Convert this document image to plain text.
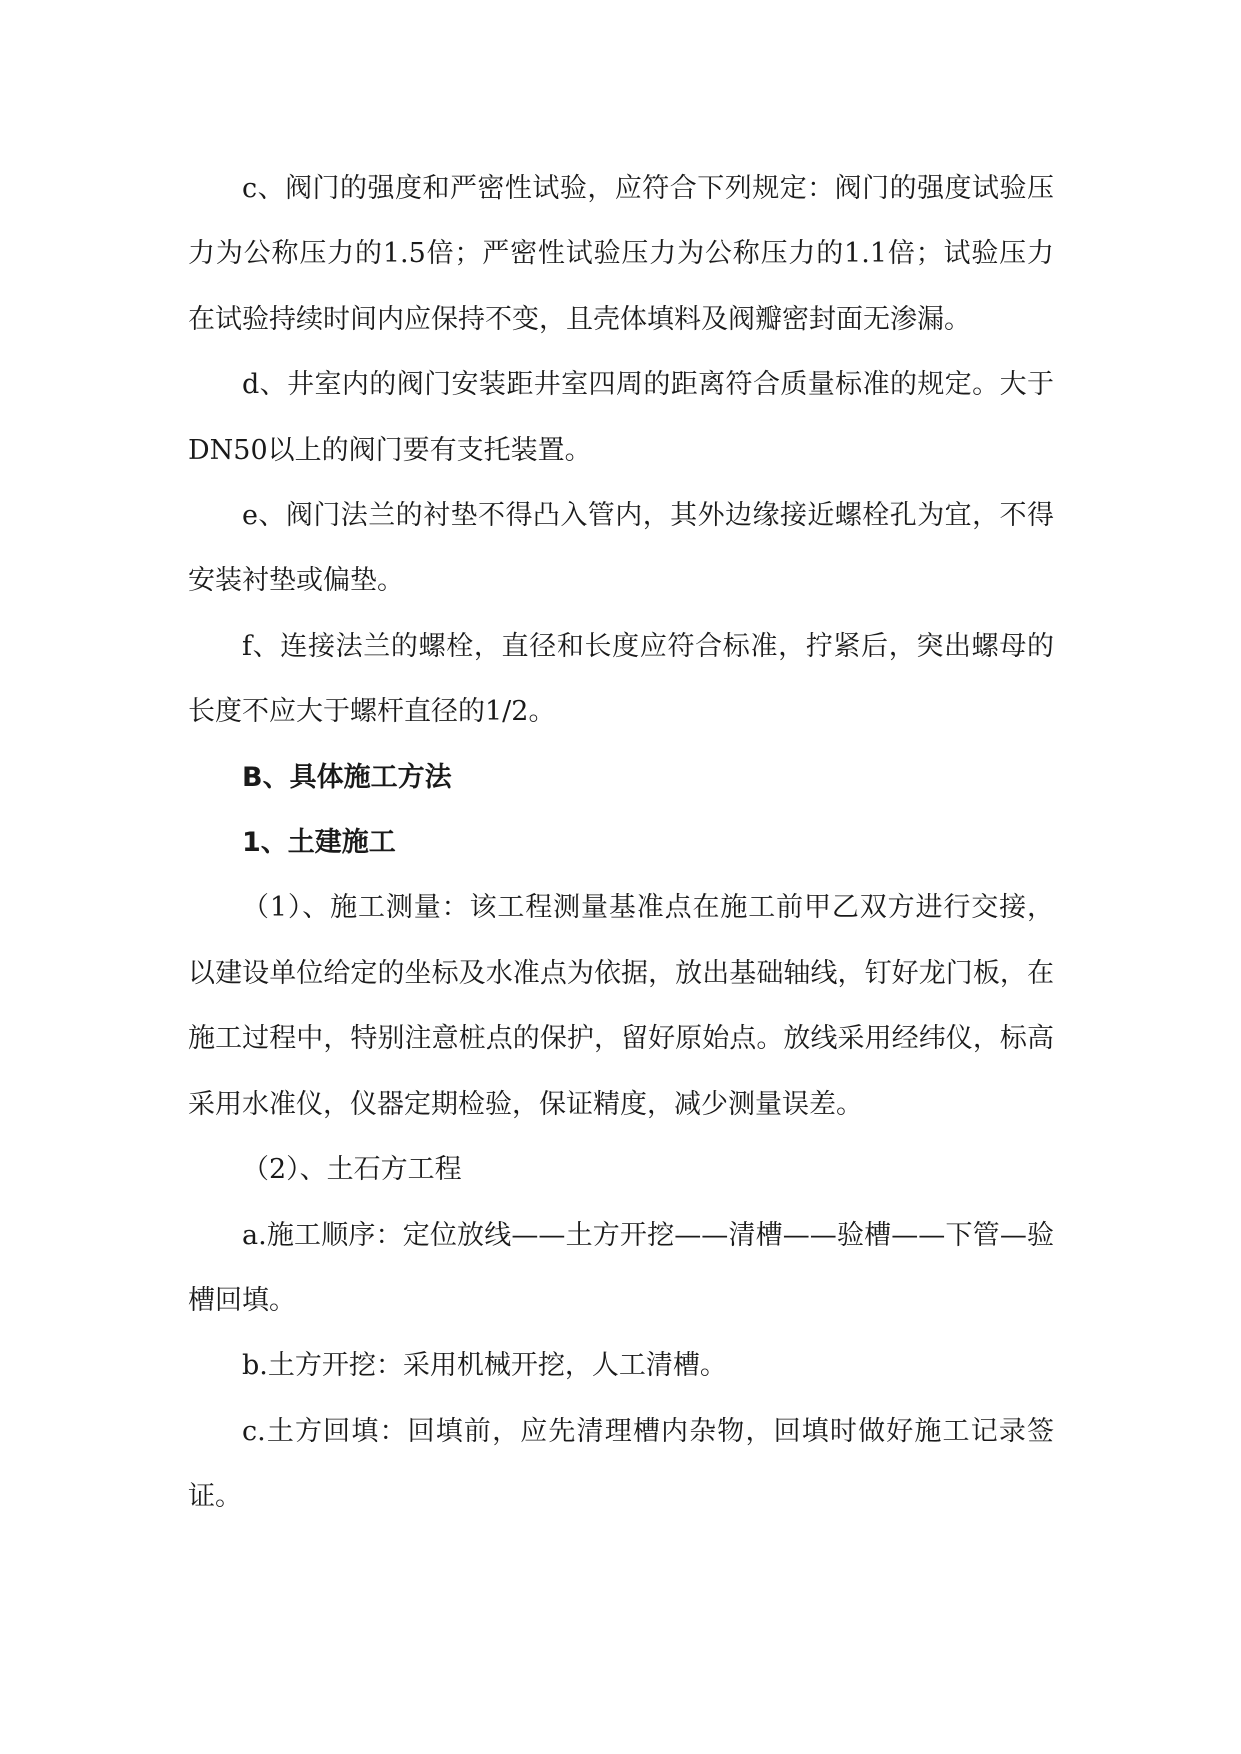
c、阀门的强度和严密性试验，应符合下列规定：阀门的强度试验压力为公称压力的1.5倍；严密性试验压力为公称压力的1.1倍；试验压力在试验持续时间内应保持不变，且壳体填料及阀瓣密封面无渗漏。

d、井室内的阀门安装距井室四周的距离符合质量标准的规定。大于DN50以上的阀门要有支托装置。

e、阀门法兰的衬垫不得凸入管内，其外边缘接近螺栓孔为宜，不得安装衬垫或偏垫。

f、连接法兰的螺栓，直径和长度应符合标准，拧紧后，突出螺母的长度不应大于螺杆直径的1/2。

B、具体施工方法

1、土建施工

（1）、施工测量：该工程测量基准点在施工前甲乙双方进行交接，以建设单位给定的坐标及水准点为依据，放出基础轴线，钉好龙门板，在施工过程中，特别注意桩点的保护，留好原始点。放线采用经纬仪，标高采用水准仪，仪器定期检验，保证精度，减少测量误差。

（2）、土石方工程

a.施工顺序：定位放线——土方开挖——清槽——验槽——下管—验槽回填。

b.土方开挖：采用机械开挖，人工清槽。

c.土方回填：回填前，应先清理槽内杂物，回填时做好施工记录签证。
